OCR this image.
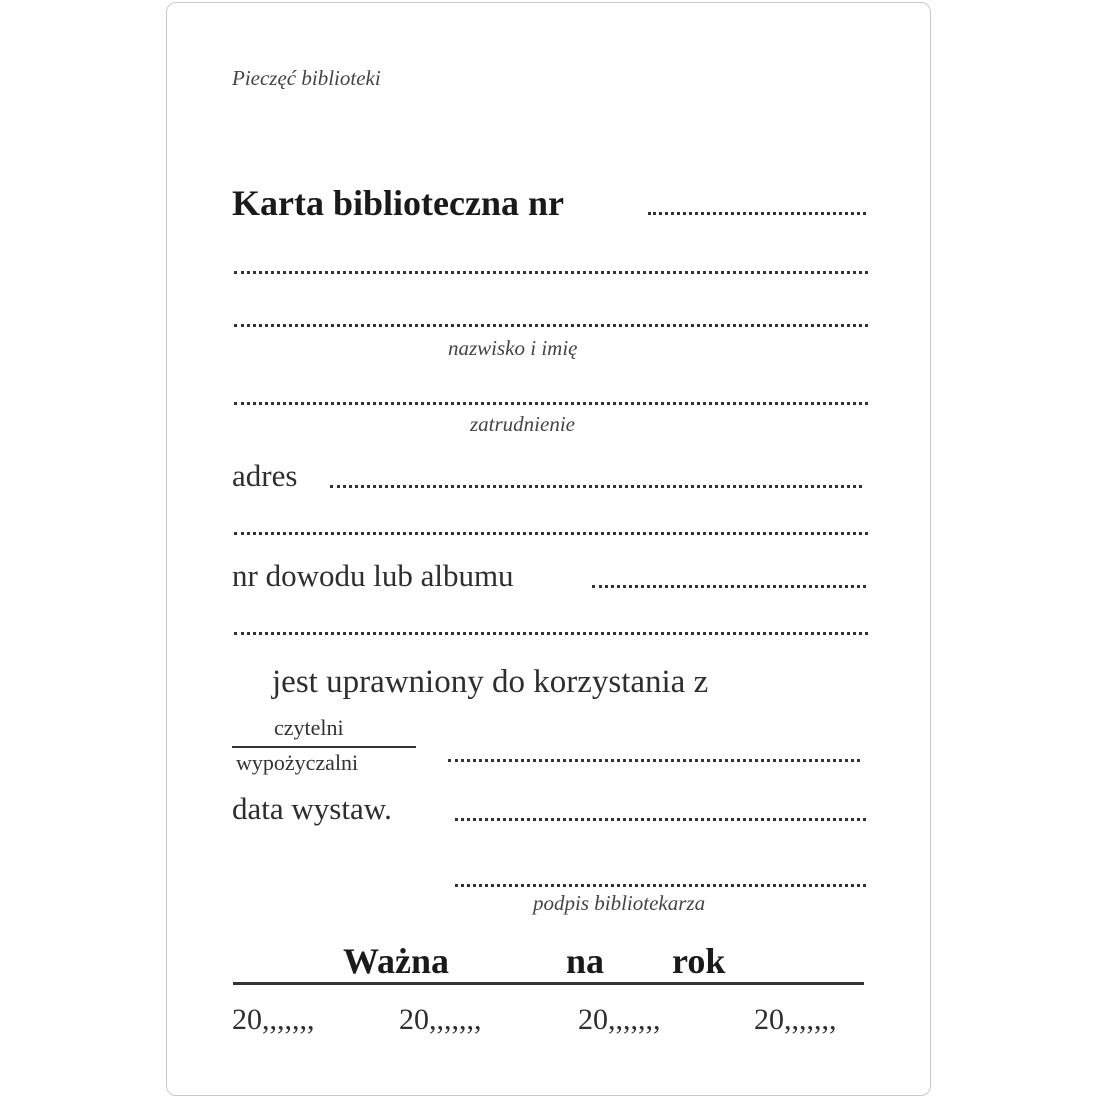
Pieczęć biblioteki
Karta biblioteczna nr
nazwisko i imię
zatrudnienie
adres
nr dowodu lub albumu
jest uprawniony do korzystania z
czytelni
wypożyczalni
data wystaw.
podpis bibliotekarza
Ważna	na rok
20,,,,,,,	20,,,,,,,	20,,,,,,,	20,,,,,,,
